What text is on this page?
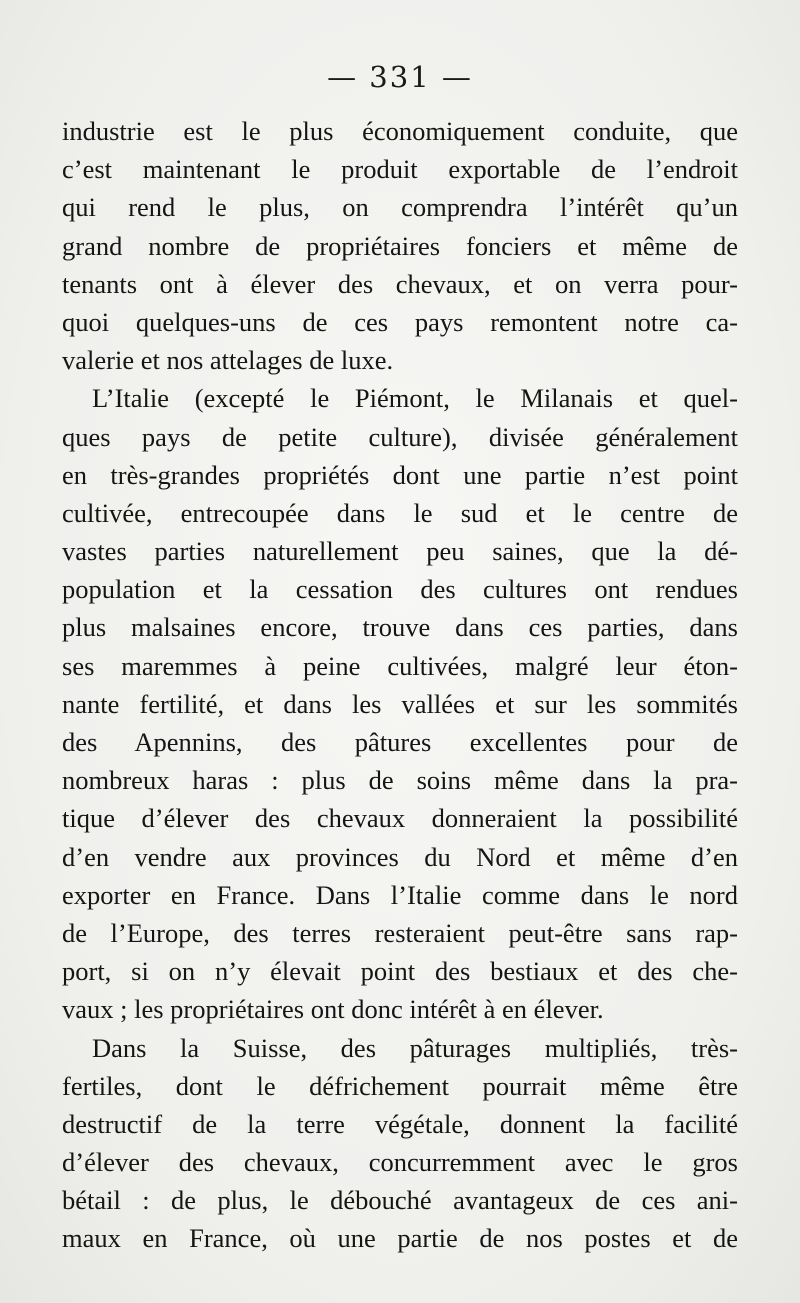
— 331 —
industrie est le plus économiquement conduite, que
c’est maintenant le produit exportable de l’endroit
qui rend le plus, on comprendra l’intérêt qu’un
grand nombre de propriétaires fonciers et même de
tenants ont à élever des chevaux, et on verra pour-
quoi quelques-uns de ces pays remontent notre ca-
valerie et nos attelages de luxe.
L’Italie (excepté le Piémont, le Milanais et quel-
ques pays de petite culture), divisée généralement
en très-grandes propriétés dont une partie n’est point
cultivée, entrecoupée dans le sud et le centre de
vastes parties naturellement peu saines, que la dé-
population et la cessation des cultures ont rendues
plus malsaines encore, trouve dans ces parties, dans
ses maremmes à peine cultivées, malgré leur éton-
nante fertilité, et dans les vallées et sur les sommités
des Apennins, des pâtures excellentes pour de
nombreux haras : plus de soins même dans la pra-
tique d’élever des chevaux donneraient la possibilité
d’en vendre aux provinces du Nord et même d’en
exporter en France. Dans l’Italie comme dans le nord
de l’Europe, des terres resteraient peut-être sans rap-
port, si on n’y élevait point des bestiaux et des che-
vaux ; les propriétaires ont donc intérêt à en élever.
Dans la Suisse, des pâturages multipliés, très-
fertiles, dont le défrichement pourrait même être
destructif de la terre végétale, donnent la facilité
d’élever des chevaux, concurremment avec le gros
bétail : de plus, le débouché avantageux de ces ani-
maux en France, où une partie de nos postes et de
